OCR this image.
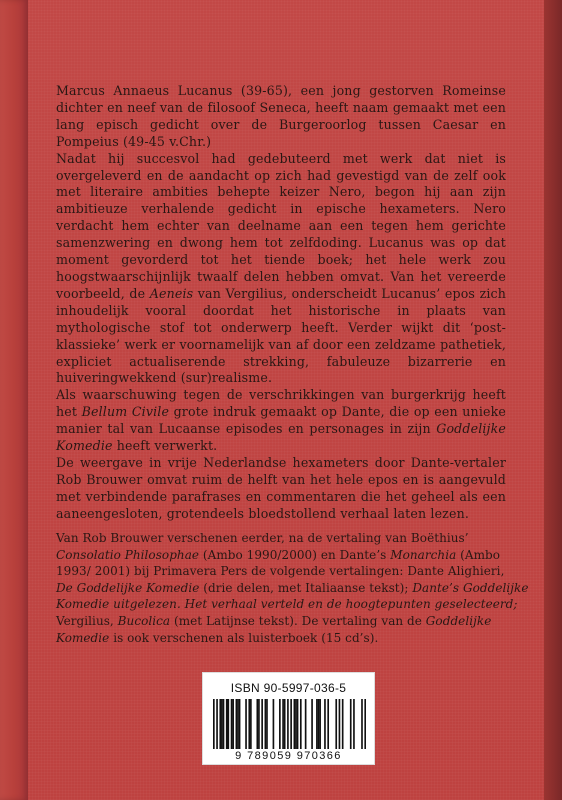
Marcus Annaeus Lucanus (39-65), een jong gestorven Romeinse dichter en neef van de filosoof Seneca, heeft naam gemaakt met een lang episch gedicht over de Burgeroorlog tussen Caesar en Pompeius (49-45 v.Chr.)

Nadat hij succesvol had gedebuteerd met werk dat niet is overgeleverd en de aandacht op zich had gevestigd van de zelf ook met literaire ambities behepte keizer Nero, begon hij aan zijn ambitieuze verhalende gedicht in epische hexameters. Nero verdacht hem echter van deelname aan een tegen hem gerichte samenzwering en dwong hem tot zelfdoding. Lucanus was op dat moment gevorderd tot het tiende boek; het hele werk zou hoogstwaarschijnlijk twaalf delen hebben omvat. Van het vereerde voorbeeld, de Aeneis van Vergilius, onderscheidt Lucanus’ epos zich inhoudelijk vooral doordat het historische in plaats van mythologische stof tot onderwerp heeft. Verder wijkt dit ‘post-klassieke’ werk er voornamelijk van af door een zeldzame pathetiek, expliciet actualiserende strekking, fabuleuze bizarrerie en huiveringwekkend (sur)realisme.

Als waarschuwing tegen de verschrikkingen van burgerkrijg heeft het Bellum Civile grote indruk gemaakt op Dante, die op een unieke manier tal van Lucaanse episodes en personages in zijn Goddelijke Komedie heeft verwerkt.

De weergave in vrije Nederlandse hexameters door Dante-vertaler Rob Brouwer omvat ruim de helft van het hele epos en is aangevuld met verbindende parafrases en commentaren die het geheel als een aaneengesloten, grotendeels bloedstollend verhaal laten lezen.

Van Rob Brouwer verschenen eerder, na de vertaling van Boëthius’
Consolatio Philosophae (Ambo 1990/2000) en Dante’s Monarchia (Ambo
1993/ 2001) bij Primavera Pers de volgende vertalingen: Dante Alighieri,
De Goddelijke Komedie (drie delen, met Italiaanse tekst); Dante’s Goddelijke
Komedie uitgelezen. Het verhaal verteld en de hoogtepunten geselecteerd;
Vergilius, Bucolica (met Latijnse tekst). De vertaling van de Goddelijke
Komedie is ook verschenen als luisterboek (15 cd’s).
ISBN 90-5997-036-5
9 789059 970366
